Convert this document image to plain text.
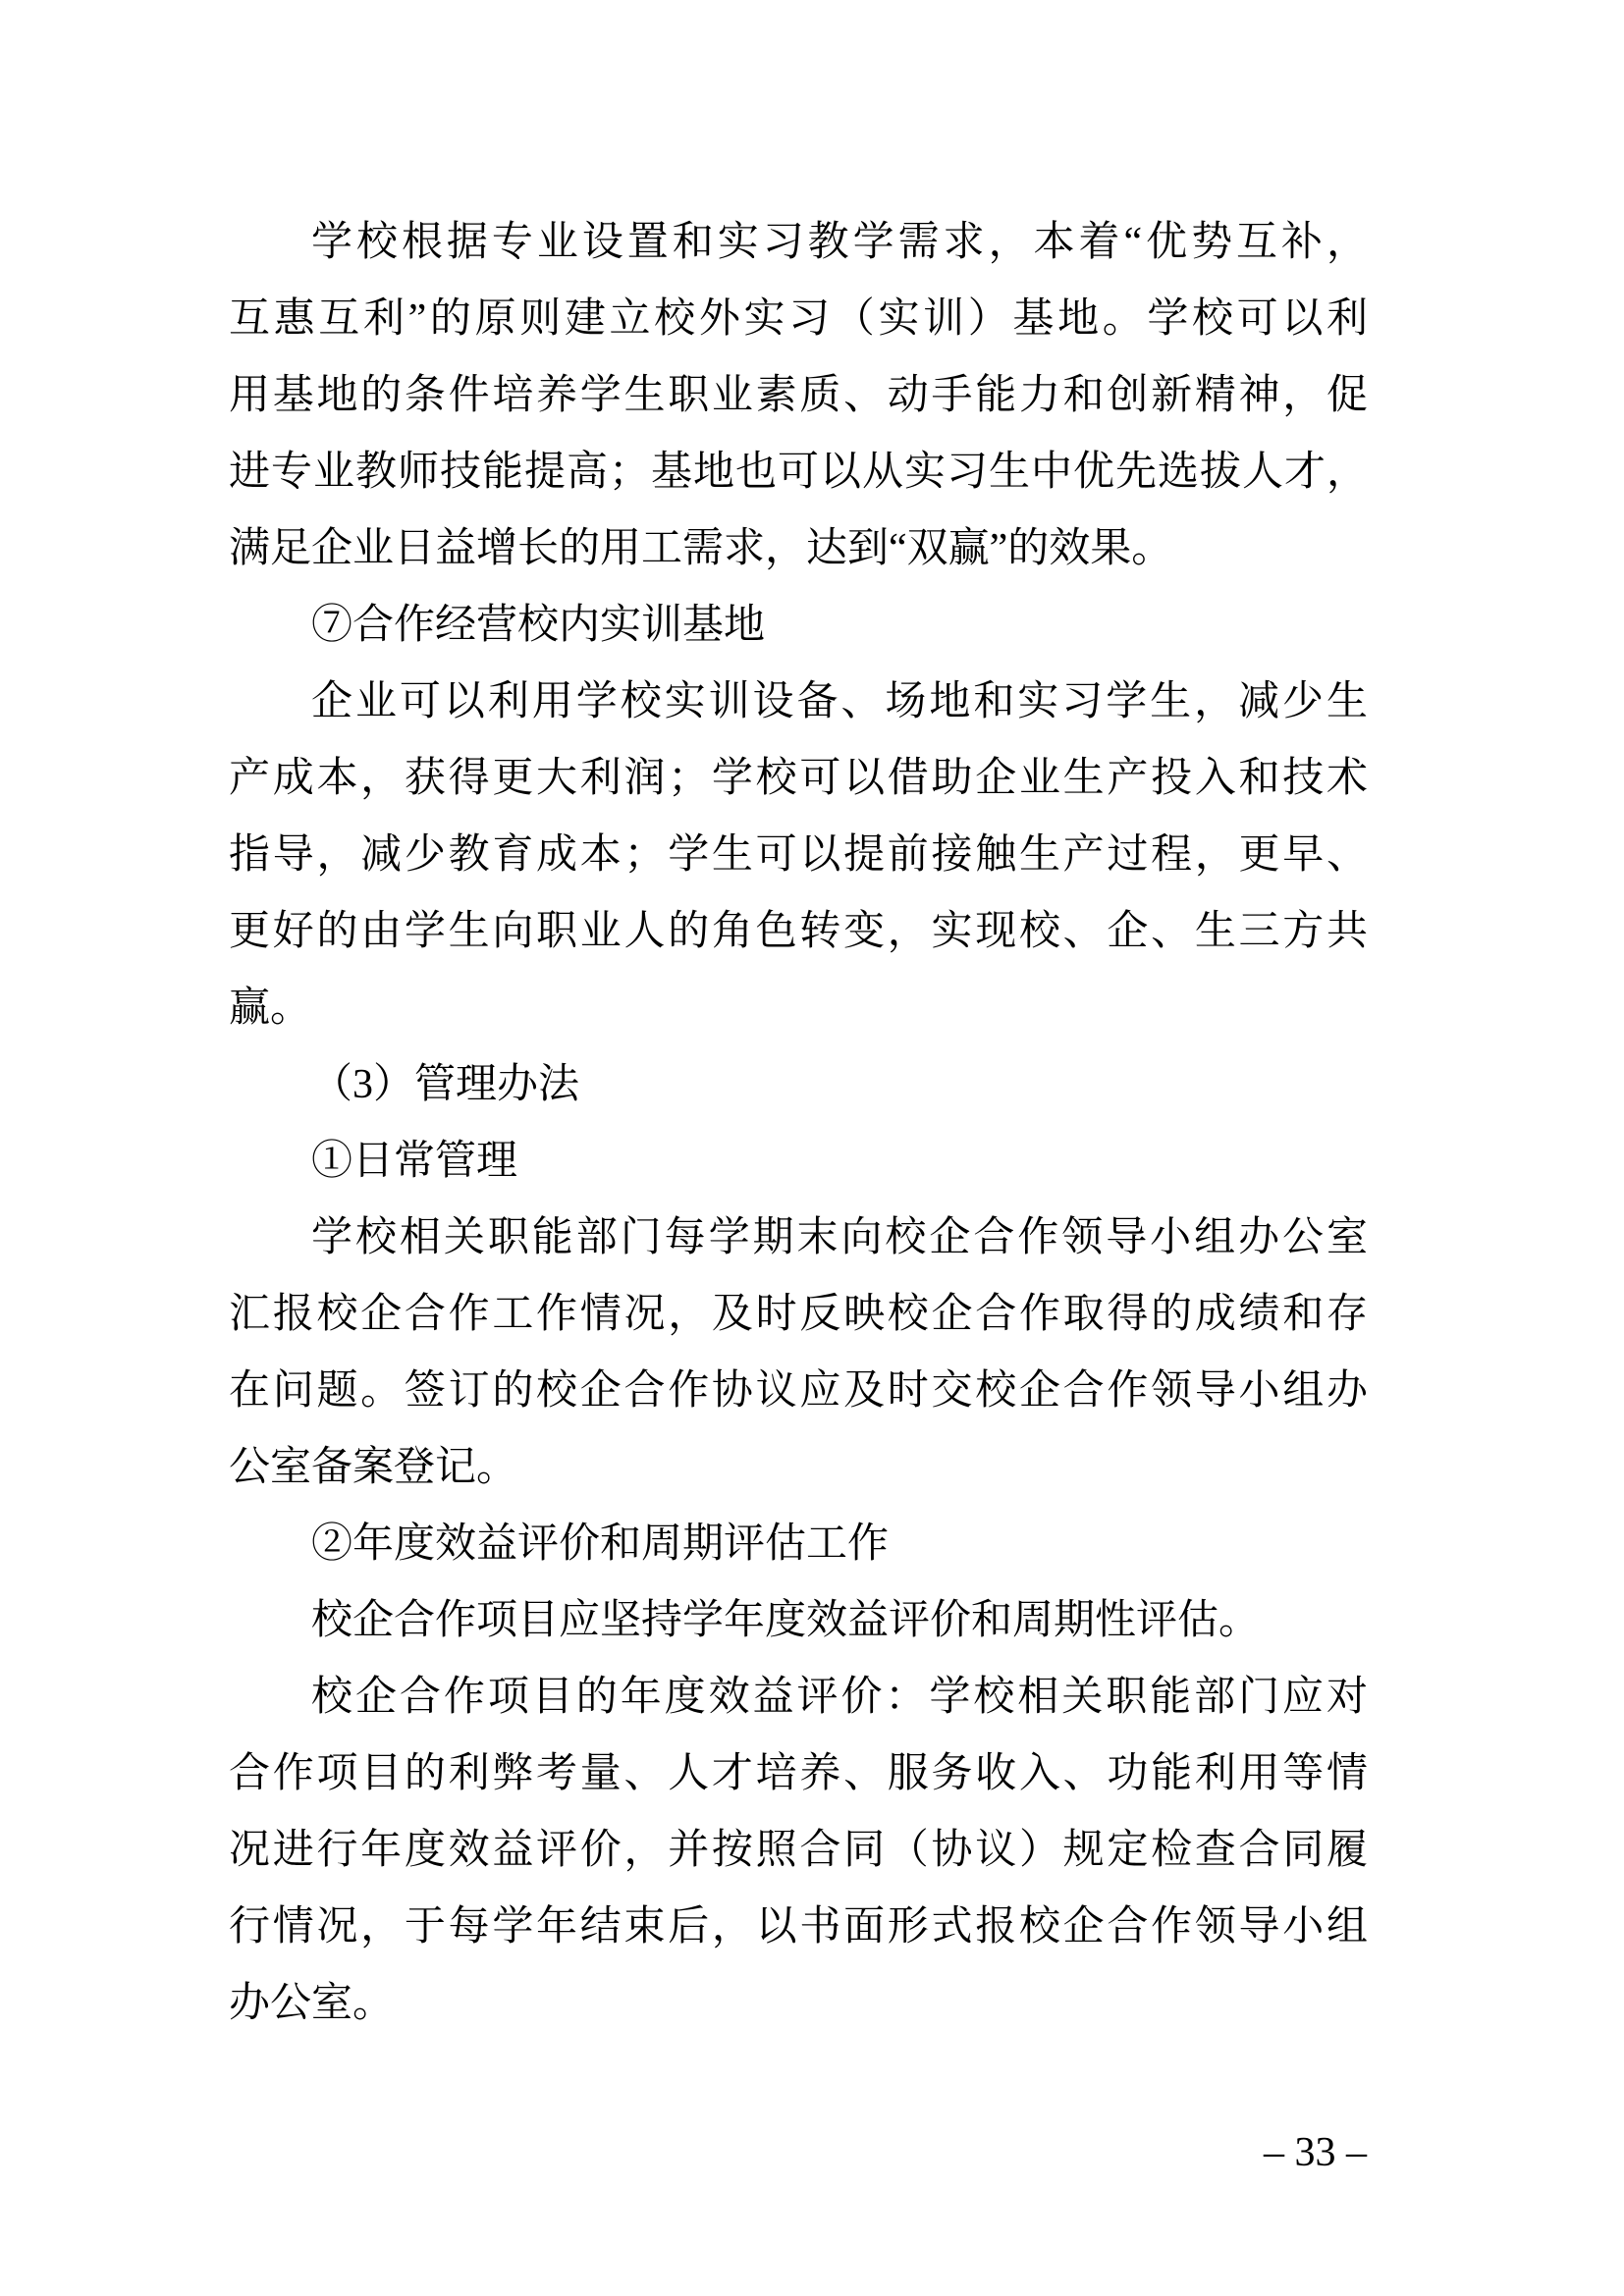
学校根据专业设置和实习教学需求，本着“优势互补，
互惠互利”的原则建立校外实习（实训）基地。学校可以利
用基地的条件培养学生职业素质、动手能力和创新精神，促
进专业教师技能提高；基地也可以从实习生中优先选拔人才，
满足企业日益增长的用工需求，达到“双赢”的效果。
⑦合作经营校内实训基地
企业可以利用学校实训设备、场地和实习学生，减少生
产成本，获得更大利润；学校可以借助企业生产投入和技术
指导，减少教育成本；学生可以提前接触生产过程，更早、
更好的由学生向职业人的角色转变，实现校、企、生三方共
赢。
（3）管理办法
①日常管理
学校相关职能部门每学期末向校企合作领导小组办公室
汇报校企合作工作情况，及时反映校企合作取得的成绩和存
在问题。签订的校企合作协议应及时交校企合作领导小组办
公室备案登记。
②年度效益评价和周期评估工作
校企合作项目应坚持学年度效益评价和周期性评估。
校企合作项目的年度效益评价：学校相关职能部门应对
合作项目的利弊考量、人才培养、服务收入、功能利用等情
况进行年度效益评价，并按照合同（协议）规定检查合同履
行情况，于每学年结束后，以书面形式报校企合作领导小组
办公室。
– 33 –
